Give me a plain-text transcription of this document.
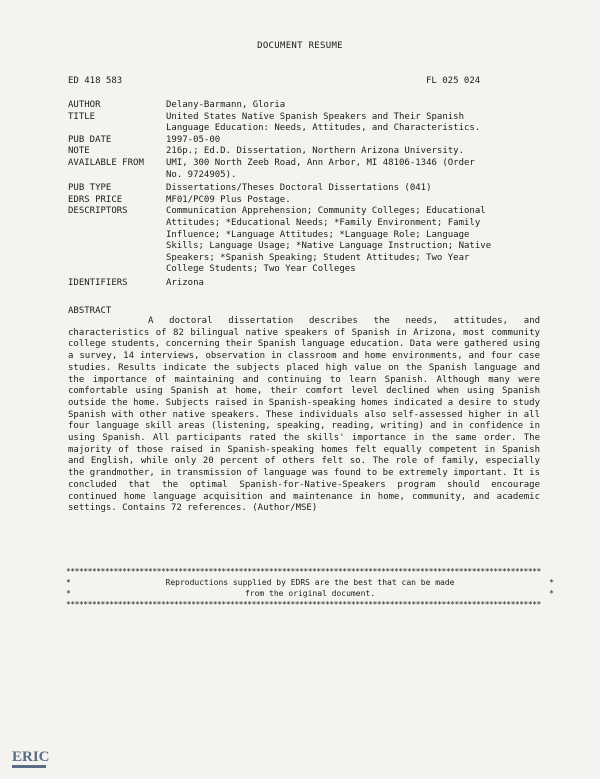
DOCUMENT RESUME
ED 418 583	FL 025 024
AUTHOR	Delany-Barmann, Gloria
TITLE	United States Native Spanish Speakers and Their Spanish
Language Education: Needs, Attitudes, and Characteristics.
PUB DATE	1997-05-00
NOTE	216p.; Ed.D. Dissertation, Northern Arizona University.
AVAILABLE FROM	UMI, 300 North Zeeb Road, Ann Arbor, MI 48106-1346 (Order
No. 9724905).
PUB TYPE	Dissertations/Theses Doctoral Dissertations (041)
EDRS PRICE	MF01/PC09 Plus Postage.
DESCRIPTORS	Communication Apprehension; Community Colleges; Educational
Attitudes; *Educational Needs; *Family Environment; Family
Influence; *Language Attitudes; *Language Role; Language
Skills; Language Usage; *Native Language Instruction; Native
Speakers; *Spanish Speaking; Student Attitudes; Two Year
College Students; Two Year Colleges
IDENTIFIERS	Arizona
ABSTRACT
A doctoral dissertation describes the needs, attitudes, and characteristics of 82 bilingual native speakers of Spanish in Arizona, most community college students, concerning their Spanish language education. Data were gathered using a survey, 14 interviews, observation in classroom and home environments, and four case studies. Results indicate the subjects placed high value on the Spanish language and the importance of maintaining and continuing to learn Spanish. Although many were comfortable using Spanish at home, their comfort level declined when using Spanish outside the home. Subjects raised in Spanish-speaking homes indicated a desire to study Spanish with other native speakers. These individuals also self-assessed higher in all four language skill areas (listening, speaking, reading, writing) and in confidence in using Spanish. All participants rated the skills' importance in the same order. The majority of those raised in Spanish-speaking homes felt equally competent in Spanish and English, while only 20 percent of others felt so. The role of family, especially the grandmother, in transmission of language was found to be extremely important. It is concluded that the optimal Spanish-for-Native-Speakers program should encourage continued home language acquisition and maintenance in home, community, and academic settings. Contains 72 references. (Author/MSE)
**************************************************************************************************************
*	Reproductions supplied by EDRS are the best that can be made	*
*	from the original document.	*
**************************************************************************************************************
ERIC
